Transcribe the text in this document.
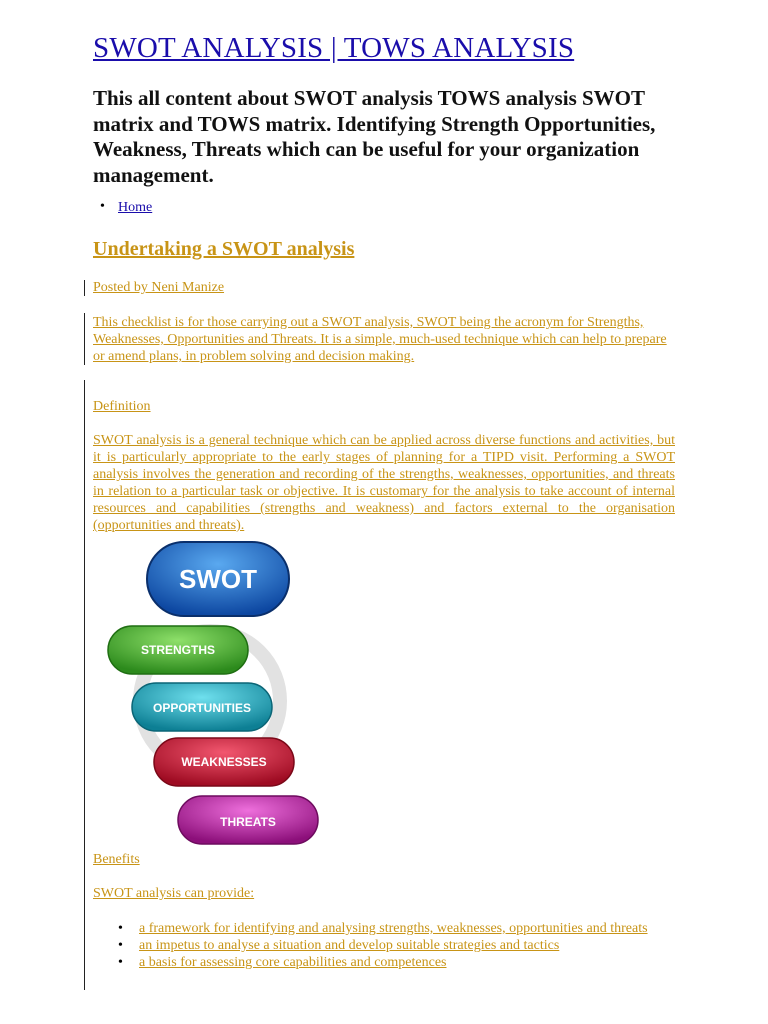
SWOT ANALYSIS | TOWS ANALYSIS

This all content about SWOT analysis TOWS analysis SWOT matrix and TOWS matrix. Identifying Strength Opportunities, Weakness, Threats which can be useful for your organization management.

• Home
Undertaking a SWOT analysis
Posted by Neni Manize

This checklist is for those carrying out a SWOT analysis, SWOT being the acronym for Strengths, Weaknesses, Opportunities and Threats. It is a simple, much-used technique which can help to prepare or amend plans, in problem solving and decision making.

Definition

SWOT analysis is a general technique which can be applied across diverse functions and activities, but it is particularly appropriate to the early stages of planning for a TIPD visit. Performing a SWOT analysis involves the generation and recording of the strengths, weaknesses, opportunities, and threats in relation to a particular task or objective. It is customary for the analysis to take account of internal resources and capabilities (strengths and weakness) and factors external to the organisation (opportunities and threats).

SWOT
STRENGTHS
OPPORTUNITIES
WEAKNESSES
THREATS

Benefits

SWOT analysis can provide:

• a framework for identifying and analysing strengths, weaknesses, opportunities and threats
• an impetus to analyse a situation and develop suitable strategies and tactics
• a basis for assessing core capabilities and competences
